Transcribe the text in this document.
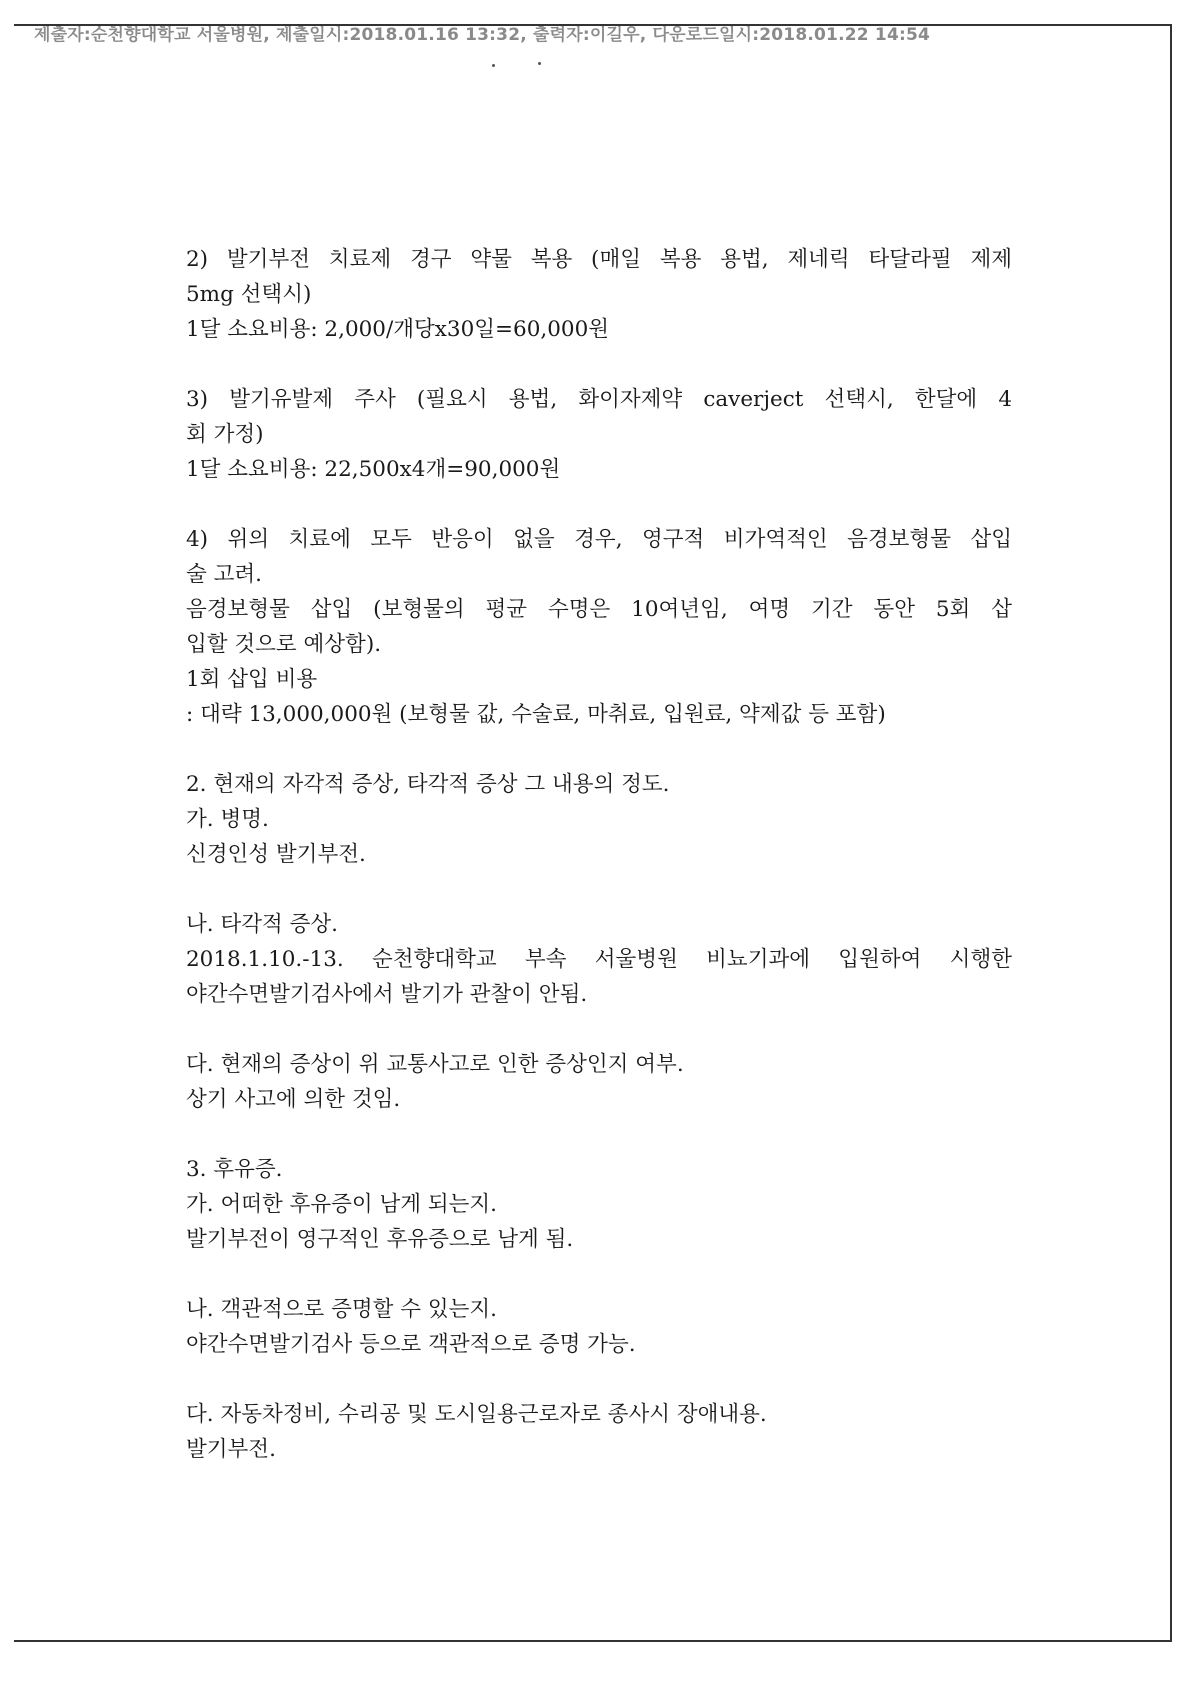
제출자:순천향대학교 서울병원, 제출일시:2018.01.16 13:32, 출력자:이길우, 다운로드일시:2018.01.22 14:54
2) 발기부전 치료제 경구 약물 복용 (매일 복용 용법, 제네릭 타달라필 제제
5mg 선택시)
1달 소요비용: 2,000/개당x30일=60,000원
3) 발기유발제 주사 (필요시 용법, 화이자제약 caverject 선택시, 한달에 4
회 가정)
1달 소요비용: 22,500x4개=90,000원
4) 위의 치료에 모두 반응이 없을 경우, 영구적 비가역적인 음경보형물 삽입
술 고려.
음경보형물 삽입 (보형물의 평균 수명은 10여년임, 여명 기간 동안 5회 삽
입할 것으로 예상함).
1회 삽입 비용
: 대략 13,000,000원 (보형물 값, 수술료, 마취료, 입원료, 약제값 등 포함)
2. 현재의 자각적 증상, 타각적 증상 그 내용의 정도.
가. 병명.
신경인성 발기부전.
나. 타각적 증상.
2018.1.10.-13. 순천향대학교 부속 서울병원 비뇨기과에 입원하여 시행한
야간수면발기검사에서 발기가 관찰이 안됨.
다. 현재의 증상이 위 교통사고로 인한 증상인지 여부.
상기 사고에 의한 것임.
3. 후유증.
가. 어떠한 후유증이 남게 되는지.
발기부전이 영구적인 후유증으로 남게 됨.
나. 객관적으로 증명할 수 있는지.
야간수면발기검사 등으로 객관적으로 증명 가능.
다. 자동차정비, 수리공 및 도시일용근로자로 종사시 장애내용.
발기부전.
